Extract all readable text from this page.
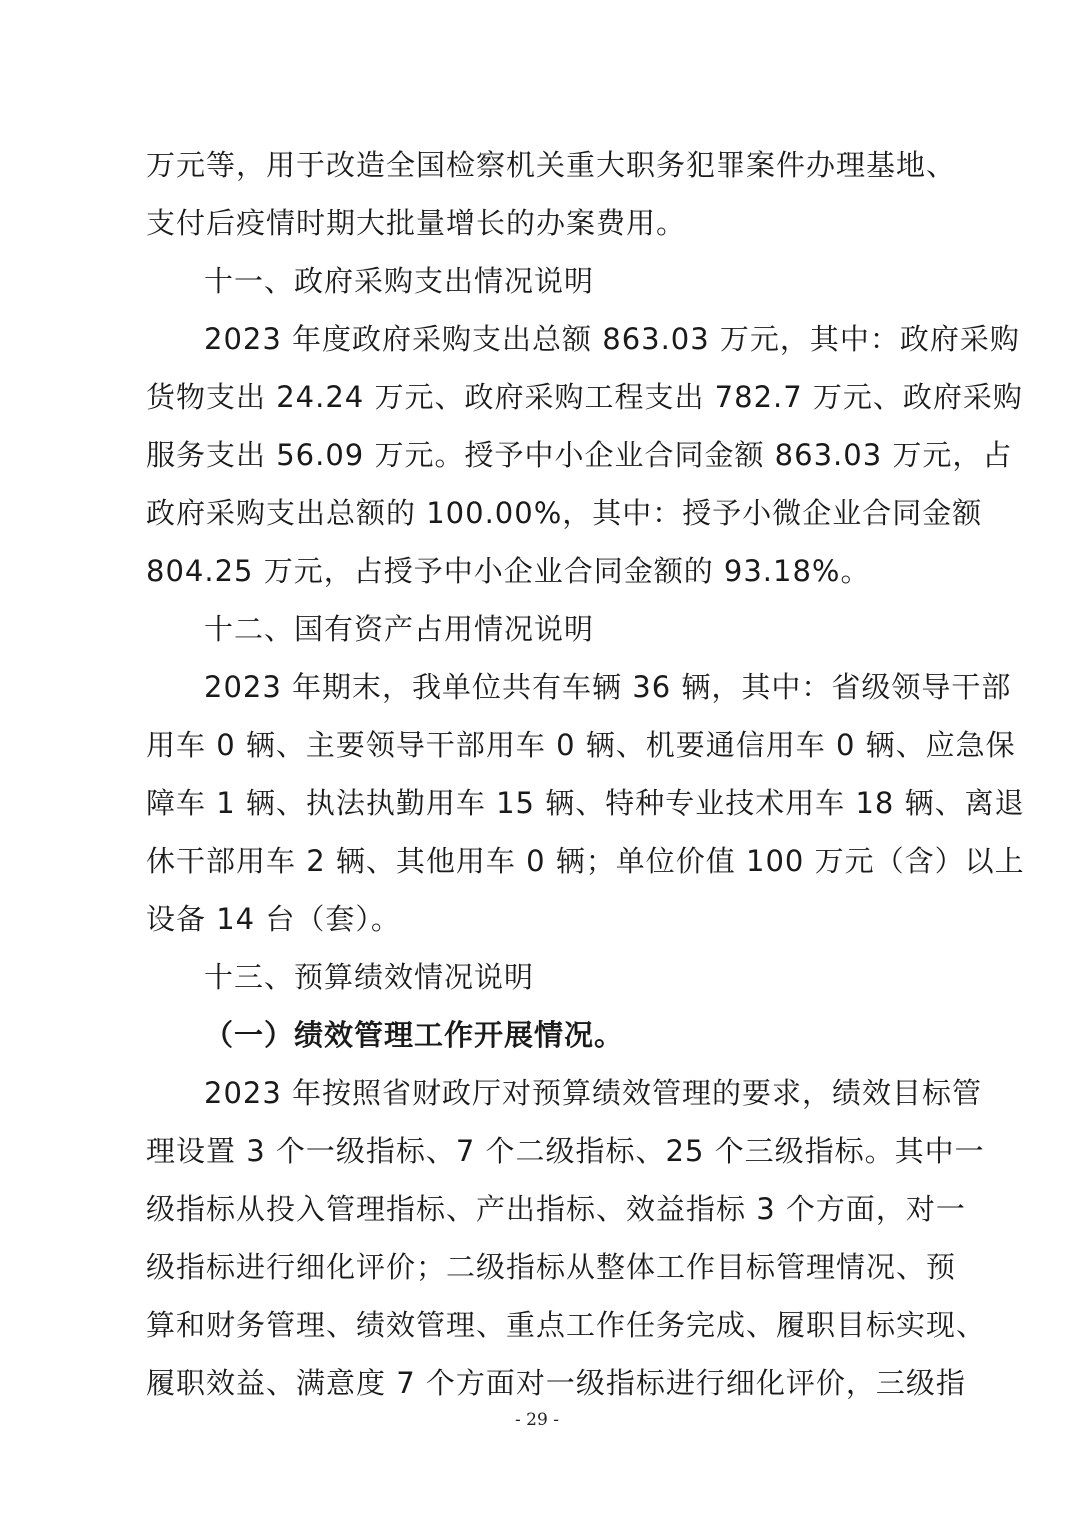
万元等，用于改造全国检察机关重大职务犯罪案件办理基地、
支付后疫情时期大批量增长的办案费用。
十一、政府采购支出情况说明
2023 年度政府采购支出总额 863.03 万元，其中：政府采购
货物支出 24.24 万元、政府采购工程支出 782.7 万元、政府采购
服务支出 56.09 万元。授予中小企业合同金额 863.03 万元，占
政府采购支出总额的 100.00%，其中：授予小微企业合同金额
804.25 万元，占授予中小企业合同金额的 93.18%。
十二、国有资产占用情况说明
2023 年期末，我单位共有车辆 36 辆，其中：省级领导干部
用车 0 辆、主要领导干部用车 0 辆、机要通信用车 0 辆、应急保
障车 1 辆、执法执勤用车 15 辆、特种专业技术用车 18 辆、离退
休干部用车 2 辆、其他用车 0 辆；单位价值 100 万元（含）以上
设备 14 台（套）。
十三、预算绩效情况说明
（一）绩效管理工作开展情况。
2023 年按照省财政厅对预算绩效管理的要求，绩效目标管
理设置 3 个一级指标、7 个二级指标、25 个三级指标。其中一
级指标从投入管理指标、产出指标、效益指标 3 个方面，对一
级指标进行细化评价；二级指标从整体工作目标管理情况、预
算和财务管理、绩效管理、重点工作任务完成、履职目标实现、
履职效益、满意度 7 个方面对一级指标进行细化评价，三级指
- 29 -
